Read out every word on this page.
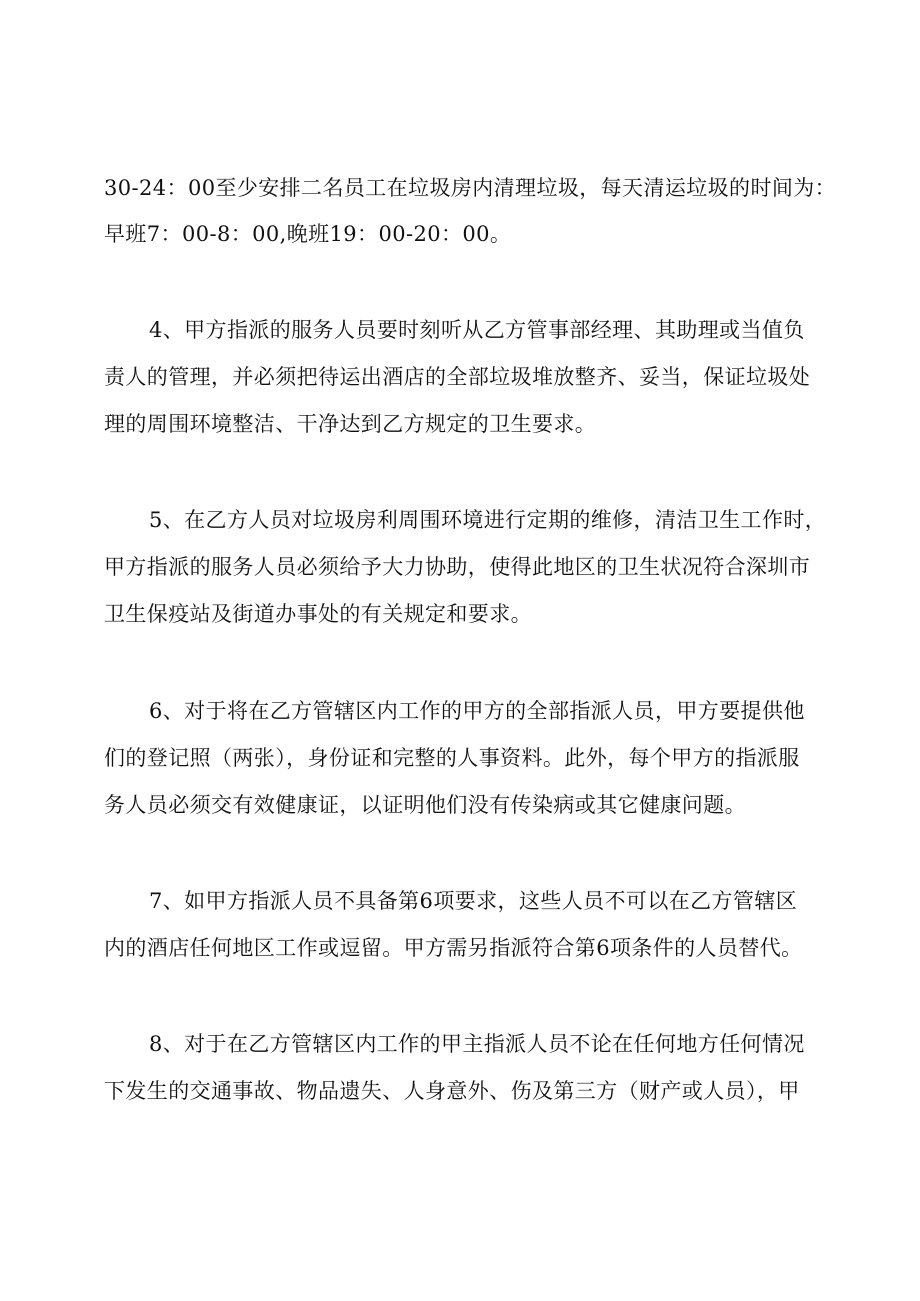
30-24：00至少安排二名员工在垃圾房内清理垃圾，每天清运垃圾的时间为：
早班7：00-8：00,晚班19：00-20：00。
4、甲方指派的服务人员要时刻听从乙方管事部经理、其助理或当值负
责人的管理，并必须把待运出酒店的全部垃圾堆放整齐、妥当，保证垃圾处
理的周围环境整洁、干净达到乙方规定的卫生要求。
5、在乙方人员对垃圾房利周围环境进行定期的维修，清洁卫生工作时，
甲方指派的服务人员必须给予大力协助，使得此地区的卫生状况符合深圳市
卫生保疫站及街道办事处的有关规定和要求。
6、对于将在乙方管辖区内工作的甲方的全部指派人员，甲方要提供他
们的登记照（两张），身份证和完整的人事资料。此外，每个甲方的指派服
务人员必须交有效健康证，以证明他们没有传染病或其它健康问题。
7、如甲方指派人员不具备第6项要求，这些人员不可以在乙方管辖区
内的酒店任何地区工作或逗留。甲方需另指派符合第6项条件的人员替代。
8、对于在乙方管辖区内工作的甲主指派人员不论在任何地方任何情况
下发生的交通事故、物品遗失、人身意外、伤及第三方（财产或人员），甲
